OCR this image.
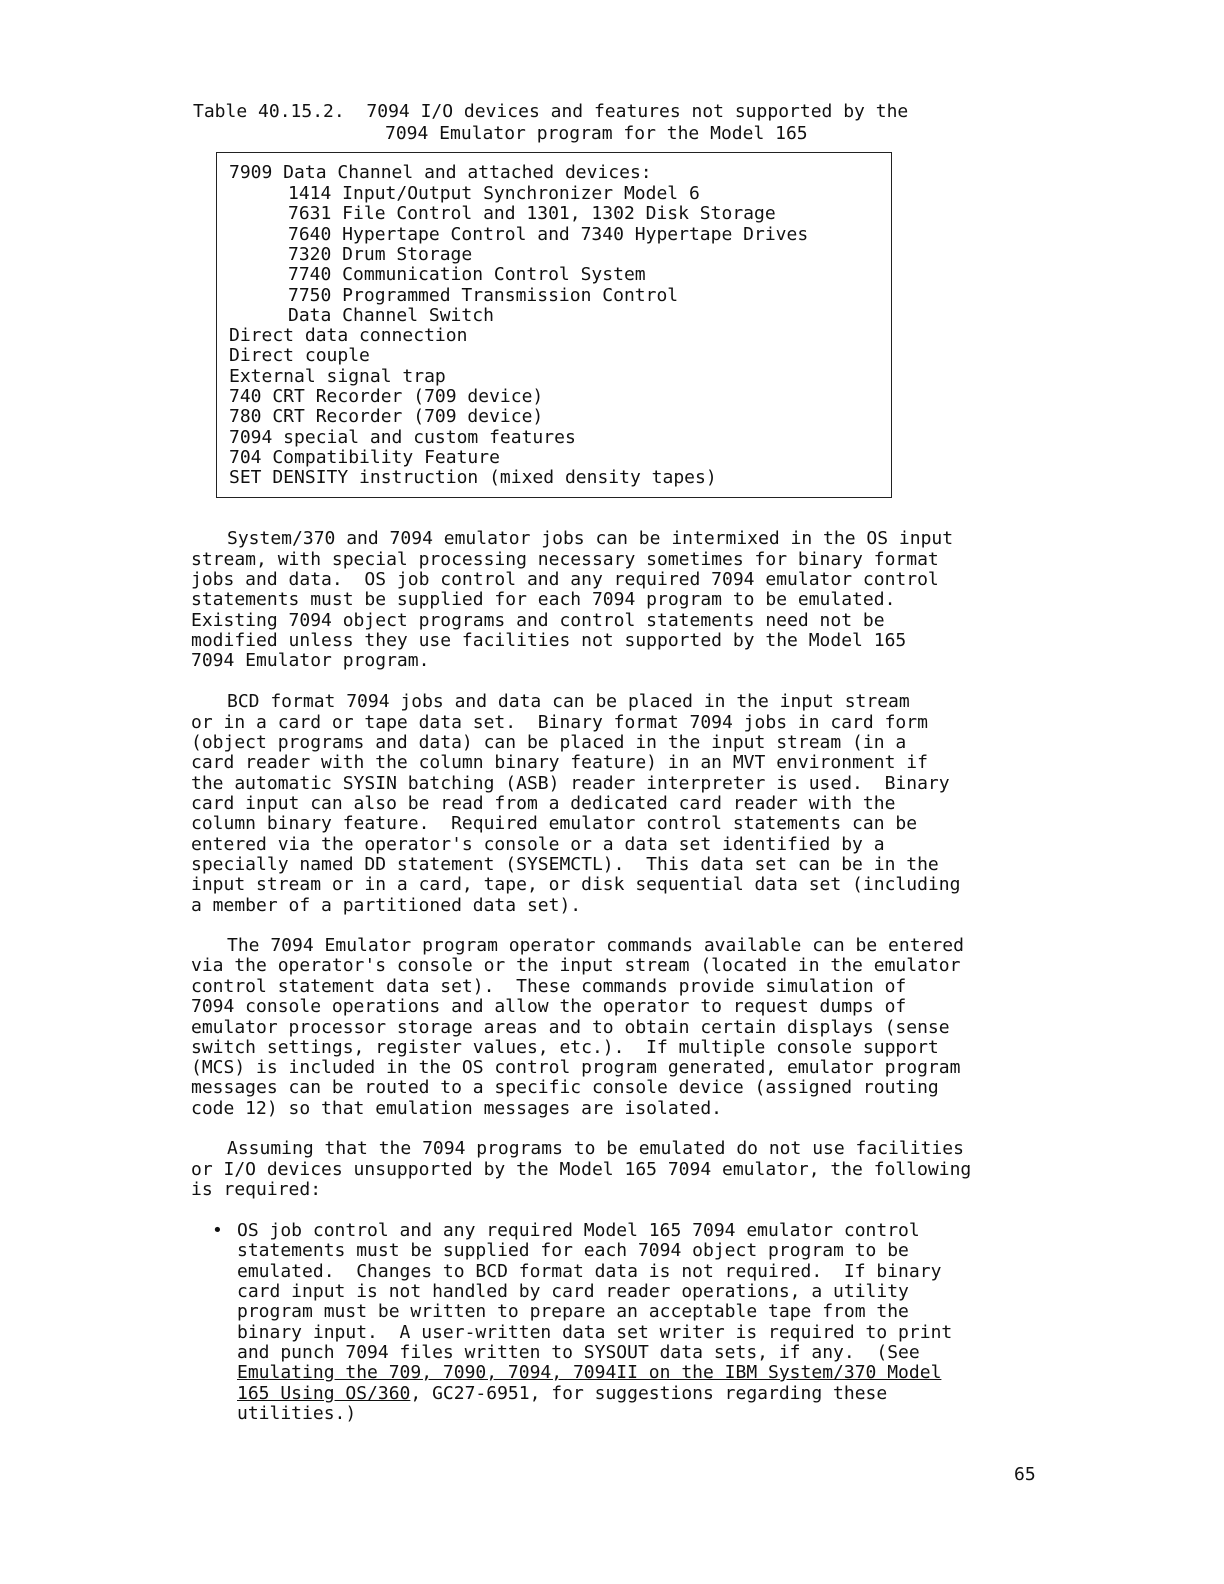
Table 40.15.2.  7094 I/O devices and features not supported by the
7094 Emulator program for the Model 165
7909 Data Channel and attached devices:
1414 Input/Output Synchronizer Model 6
7631 File Control and 1301, 1302 Disk Storage
7640 Hypertape Control and 7340 Hypertape Drives
7320 Drum Storage
7740 Communication Control System
7750 Programmed Transmission Control
Data Channel Switch
Direct data connection
Direct couple
External signal trap
740 CRT Recorder (709 device)
780 CRT Recorder (709 device)
7094 special and custom features
704 Compatibility Feature
SET DENSITY instruction (mixed density tapes)
System/370 and 7094 emulator jobs can be intermixed in the OS input
stream, with special processing necessary sometimes for binary format
jobs and data.  OS job control and any required 7094 emulator control
statements must be supplied for each 7094 program to be emulated.
Existing 7094 object programs and control statements need not be
modified unless they use facilities not supported by the Model 165
7094 Emulator program.
BCD format 7094 jobs and data can be placed in the input stream
or in a card or tape data set.  Binary format 7094 jobs in card form
(object programs and data) can be placed in the input stream (in a
card reader with the column binary feature) in an MVT environment if
the automatic SYSIN batching (ASB) reader interpreter is used.  Binary
card input can also be read from a dedicated card reader with the
column binary feature.  Required emulator control statements can be
entered via the operator's console or a data set identified by a
specially named DD statement (SYSEMCTL).  This data set can be in the
input stream or in a card, tape, or disk sequential data set (including
a member of a partitioned data set).
The 7094 Emulator program operator commands available can be entered
via the operator's console or the input stream (located in the emulator
control statement data set).  These commands provide simulation of
7094 console operations and allow the operator to request dumps of
emulator processor storage areas and to obtain certain displays (sense
switch settings, register values, etc.).  If multiple console support
(MCS) is included in the OS control program generated, emulator program
messages can be routed to a specific console device (assigned routing
code 12) so that emulation messages are isolated.
Assuming that the 7094 programs to be emulated do not use facilities
or I/O devices unsupported by the Model 165 7094 emulator, the following
is required:
• OS job control and any required Model 165 7094 emulator control
statements must be supplied for each 7094 object program to be
emulated.  Changes to BCD format data is not required.  If binary
card input is not handled by card reader operations, a utility
program must be written to prepare an acceptable tape from the
binary input.  A user-written data set writer is required to print
and punch 7094 files written to SYSOUT data sets, if any.  (See
Emulating the 709, 7090, 7094, 7094II on the IBM System/370 Model
165 Using OS/360, GC27-6951, for suggestions regarding these
utilities.)
65
